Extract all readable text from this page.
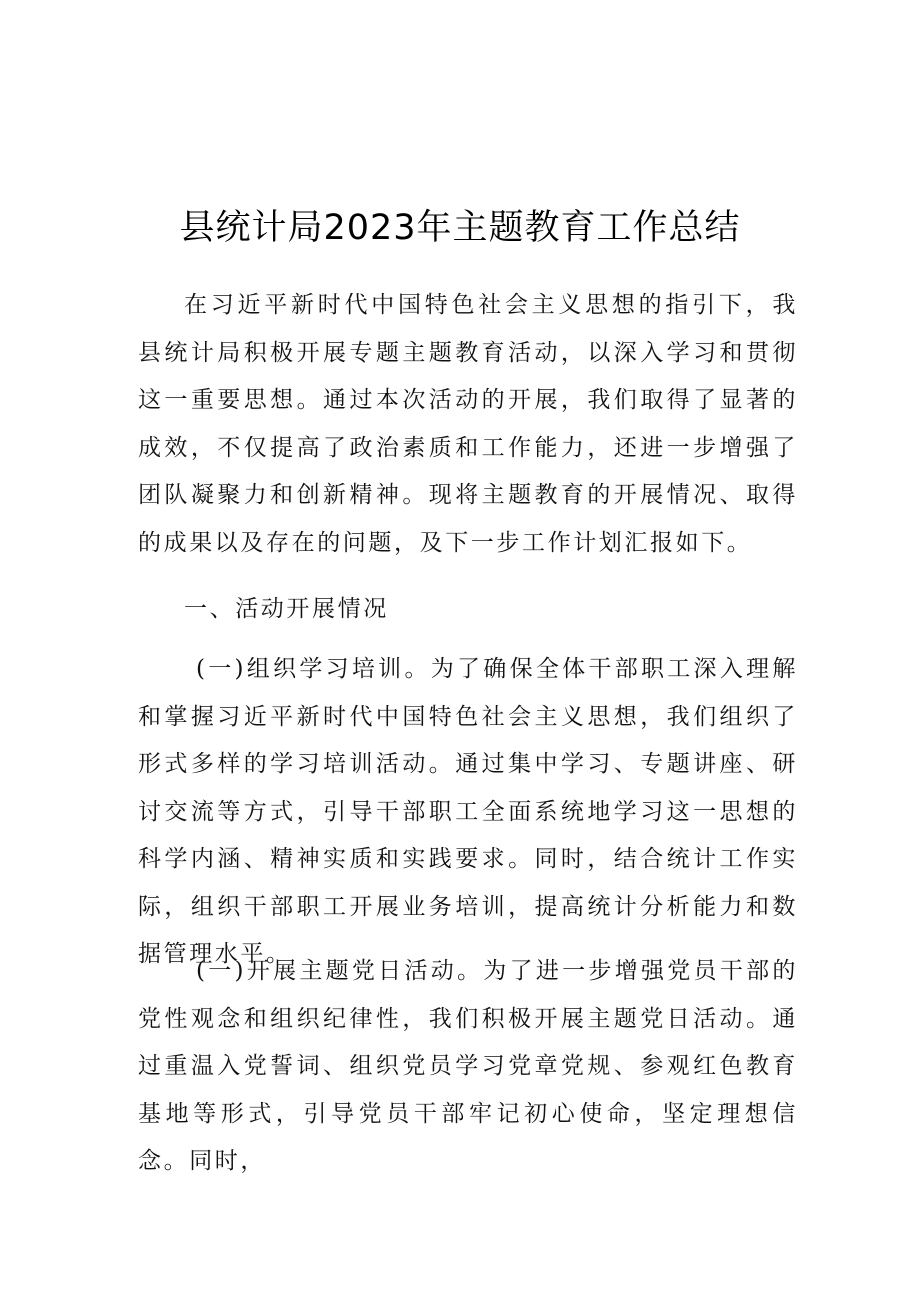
县统计局2023年主题教育工作总结

在习近平新时代中国特色社会主义思想的指引下，我县统计局积极开展专题主题教育活动，以深入学习和贯彻这一重要思想。通过本次活动的开展，我们取得了显著的成效，不仅提高了政治素质和工作能力，还进一步增强了团队凝聚力和创新精神。现将主题教育的开展情况、取得的成果以及存在的问题，及下一步工作计划汇报如下。

一、活动开展情况

(一)组织学习培训。为了确保全体干部职工深入理解和掌握习近平新时代中国特色社会主义思想，我们组织了形式多样的学习培训活动。通过集中学习、专题讲座、研讨交流等方式，引导干部职工全面系统地学习这一思想的科学内涵、精神实质和实践要求。同时，结合统计工作实际，组织干部职工开展业务培训，提高统计分析能力和数据管理水平。

(一)开展主题党日活动。为了进一步增强党员干部的党性观念和组织纪律性，我们积极开展主题党日活动。通过重温入党誓词、组织党员学习党章党规、参观红色教育基地等形式，引导党员干部牢记初心使命，坚定理想信念。同时，
